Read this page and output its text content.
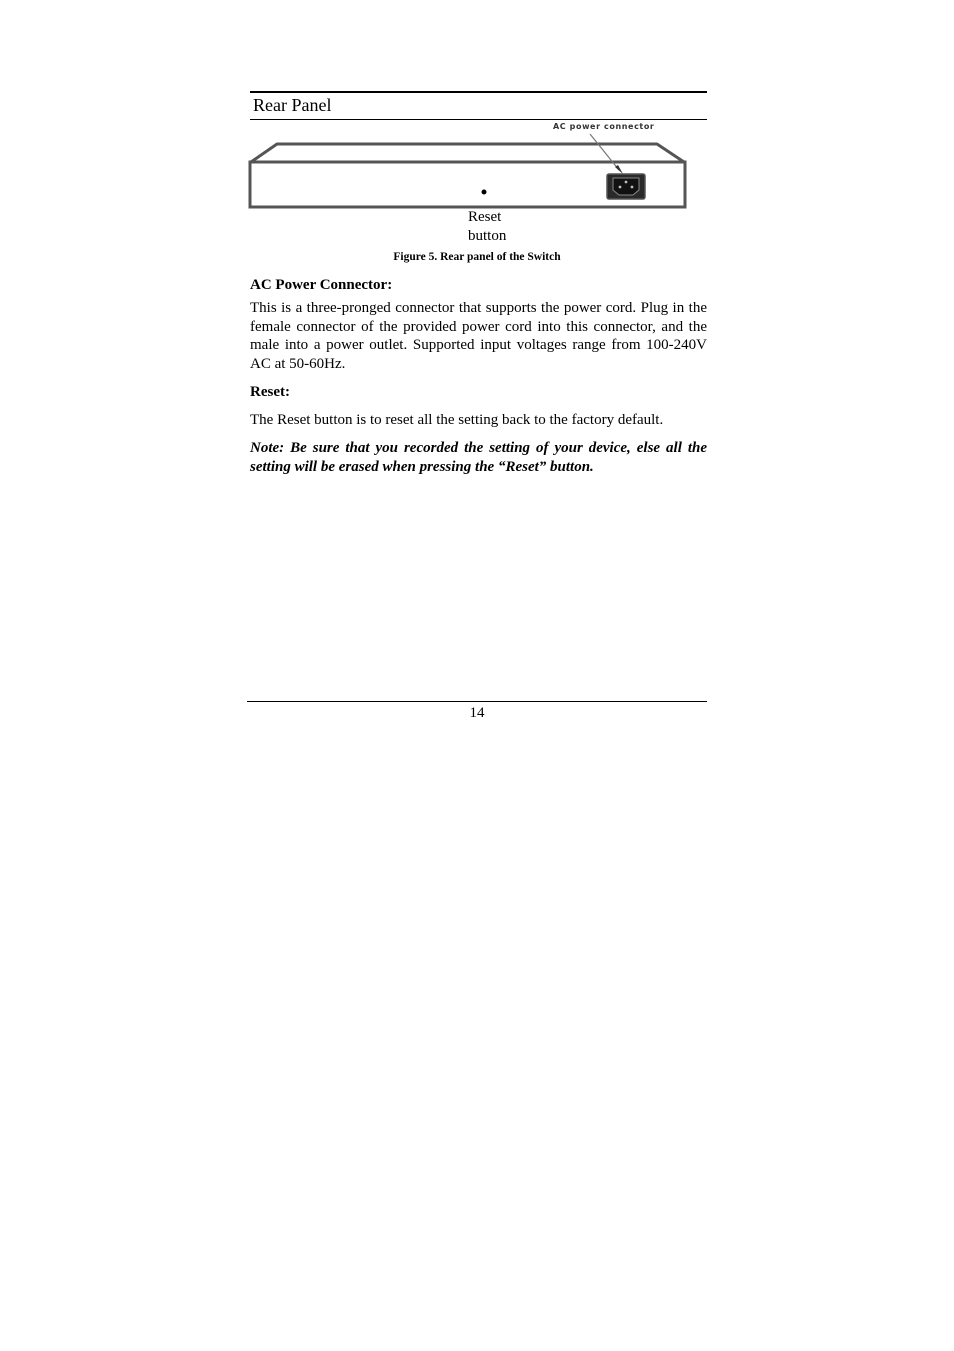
Rear Panel
AC power connector
Reset
button
Figure 5. Rear panel of the Switch
AC Power Connector:
This is a three-pronged connector that supports the power cord. Plug in the female connector of the provided power cord into this connector, and the male into a power outlet. Supported input voltages range from 100-240V AC at 50-60Hz.
Reset:
The Reset button is to reset all the setting back to the factory default.
Note: Be sure that you recorded the setting of your device, else all the setting will be erased when pressing the “Reset” button.
14
